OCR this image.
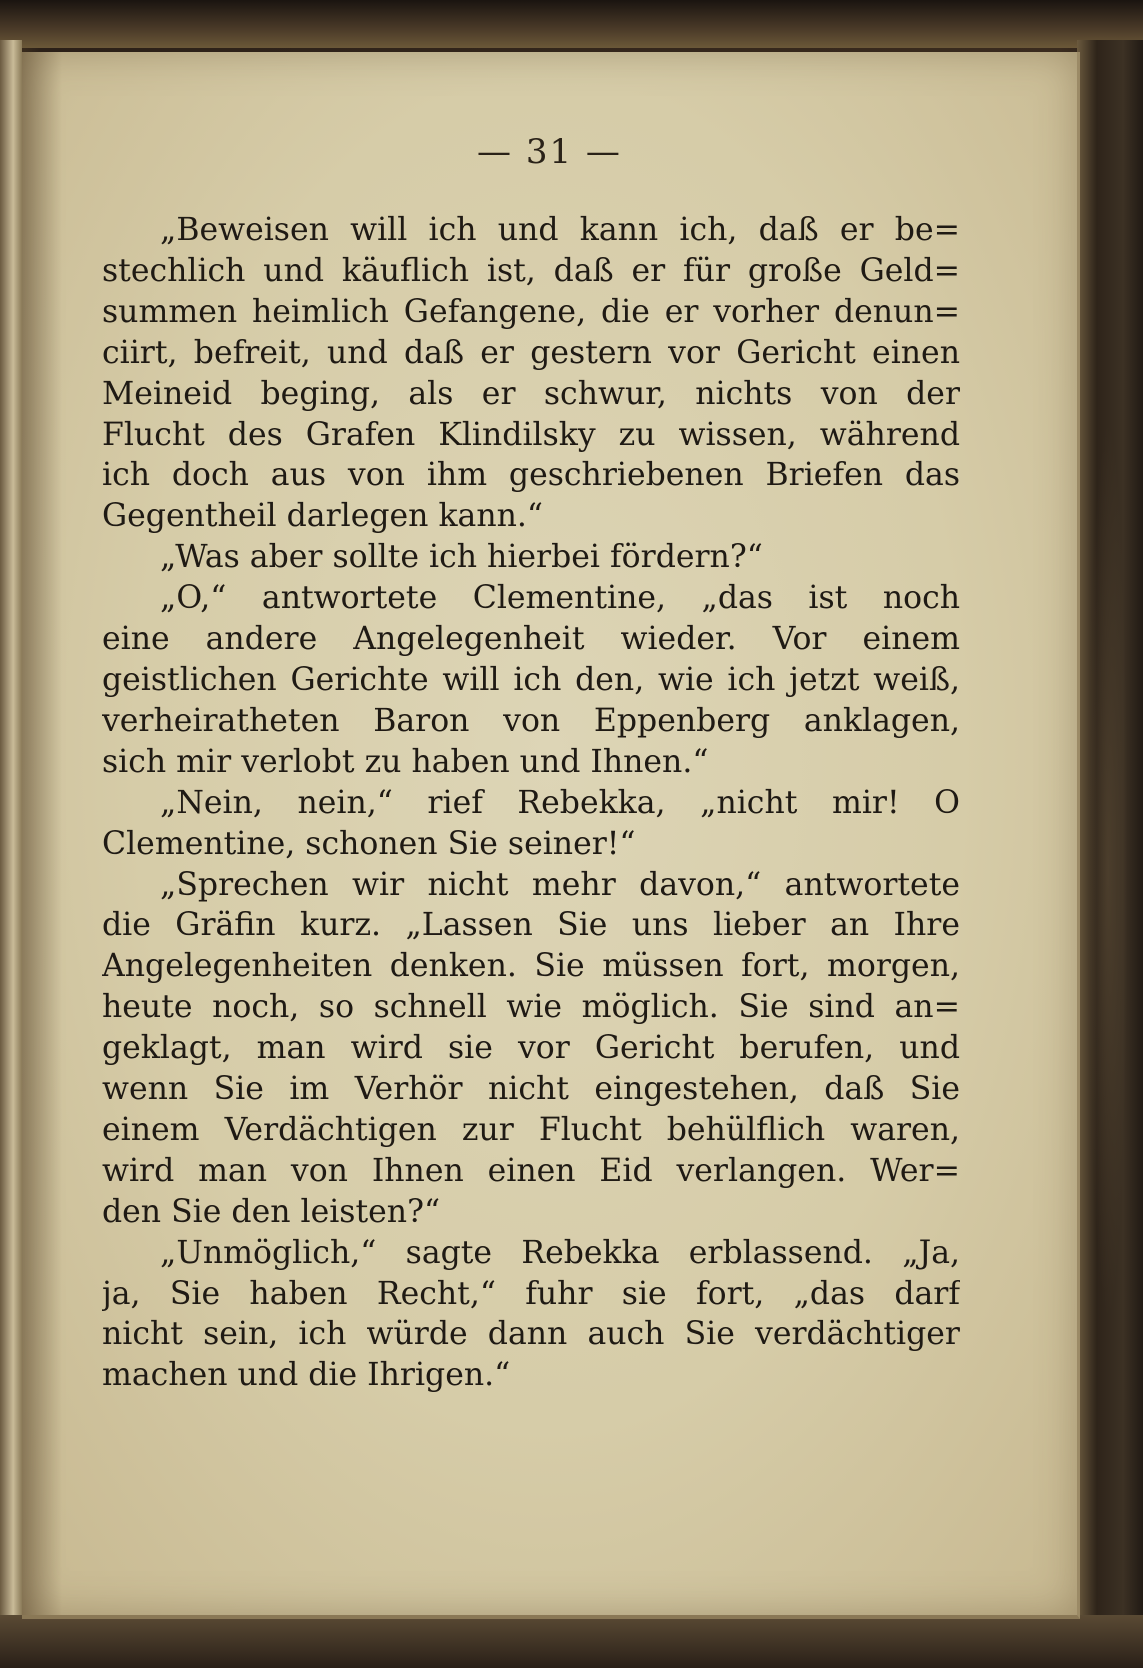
— 31 —

„Beweisen will ich und kann ich, daß er be=
stechlich und käuflich ist, daß er für große Geld=
summen heimlich Gefangene, die er vorher denun=
ciirt, befreit, und daß er gestern vor Gericht einen
Meineid beging, als er schwur, nichts von der
Flucht des Grafen Klindilsky zu wissen, während
ich doch aus von ihm geschriebenen Briefen das
Gegentheil darlegen kann.“

„Was aber sollte ich hierbei fördern?“

„O,“ antwortete Clementine, „das ist noch
eine andere Angelegenheit wieder. Vor einem
geistlichen Gerichte will ich den, wie ich jetzt weiß,
verheiratheten Baron von Eppenberg anklagen,
sich mir verlobt zu haben und Ihnen.“

„Nein, nein,“ rief Rebekka, „nicht mir! O
Clementine, schonen Sie seiner!“

„Sprechen wir nicht mehr davon,“ antwortete
die Gräfin kurz. „Lassen Sie uns lieber an Ihre
Angelegenheiten denken. Sie müssen fort, morgen,
heute noch, so schnell wie möglich. Sie sind an=
geklagt, man wird sie vor Gericht berufen, und
wenn Sie im Verhör nicht eingestehen, daß Sie
einem Verdächtigen zur Flucht behülflich waren,
wird man von Ihnen einen Eid verlangen. Wer=
den Sie den leisten?“

„Unmöglich,“ sagte Rebekka erblassend. „Ja,
ja, Sie haben Recht,“ fuhr sie fort, „das darf
nicht sein, ich würde dann auch Sie verdächtiger
machen und die Ihrigen.“
